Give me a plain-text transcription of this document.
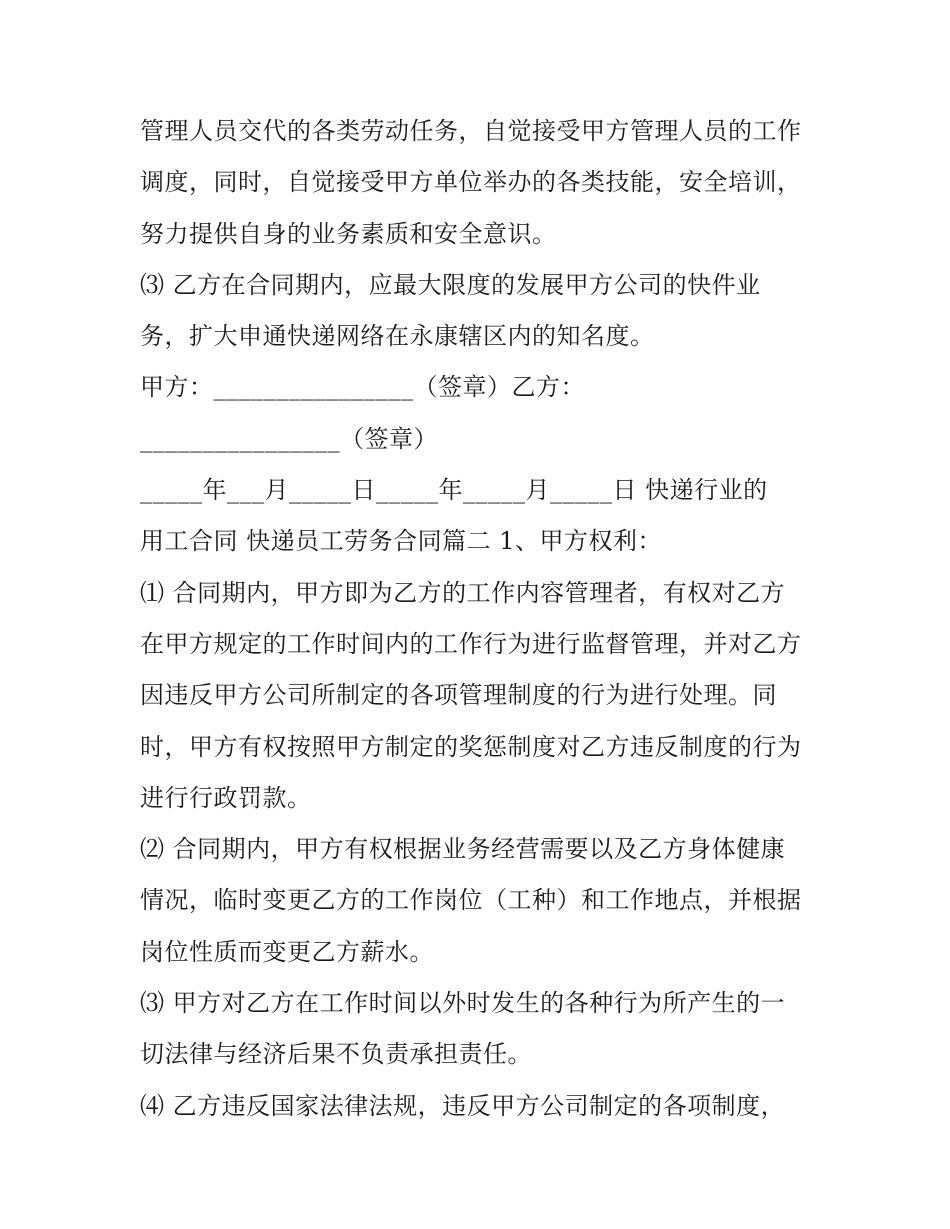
管理人员交代的各类劳动任务，自觉接受甲方管理人员的工作
调度，同时，自觉接受甲方单位举办的各类技能，安全培训，
努力提供自身的业务素质和安全意识。
⑶ 乙方在合同期内，应最大限度的发展甲方公司的快件业
务，扩大申通快递网络在永康辖区内的知名度。
甲方：________________（签章）乙方：
________________（签章）
_____年___月_____日_____年_____月_____日 快递行业的
用工合同 快递员工劳务合同篇二 1、甲方权利：
⑴ 合同期内，甲方即为乙方的工作内容管理者，有权对乙方
在甲方规定的工作时间内的工作行为进行监督管理，并对乙方
因违反甲方公司所制定的各项管理制度的行为进行处理。同
时，甲方有权按照甲方制定的奖惩制度对乙方违反制度的行为
进行行政罚款。
⑵ 合同期内，甲方有权根据业务经营需要以及乙方身体健康
情况，临时变更乙方的工作岗位（工种）和工作地点，并根据
岗位性质而变更乙方薪水。
⑶ 甲方对乙方在工作时间以外时发生的各种行为所产生的一
切法律与经济后果不负责承担责任。
⑷ 乙方违反国家法律法规，违反甲方公司制定的各项制度，
